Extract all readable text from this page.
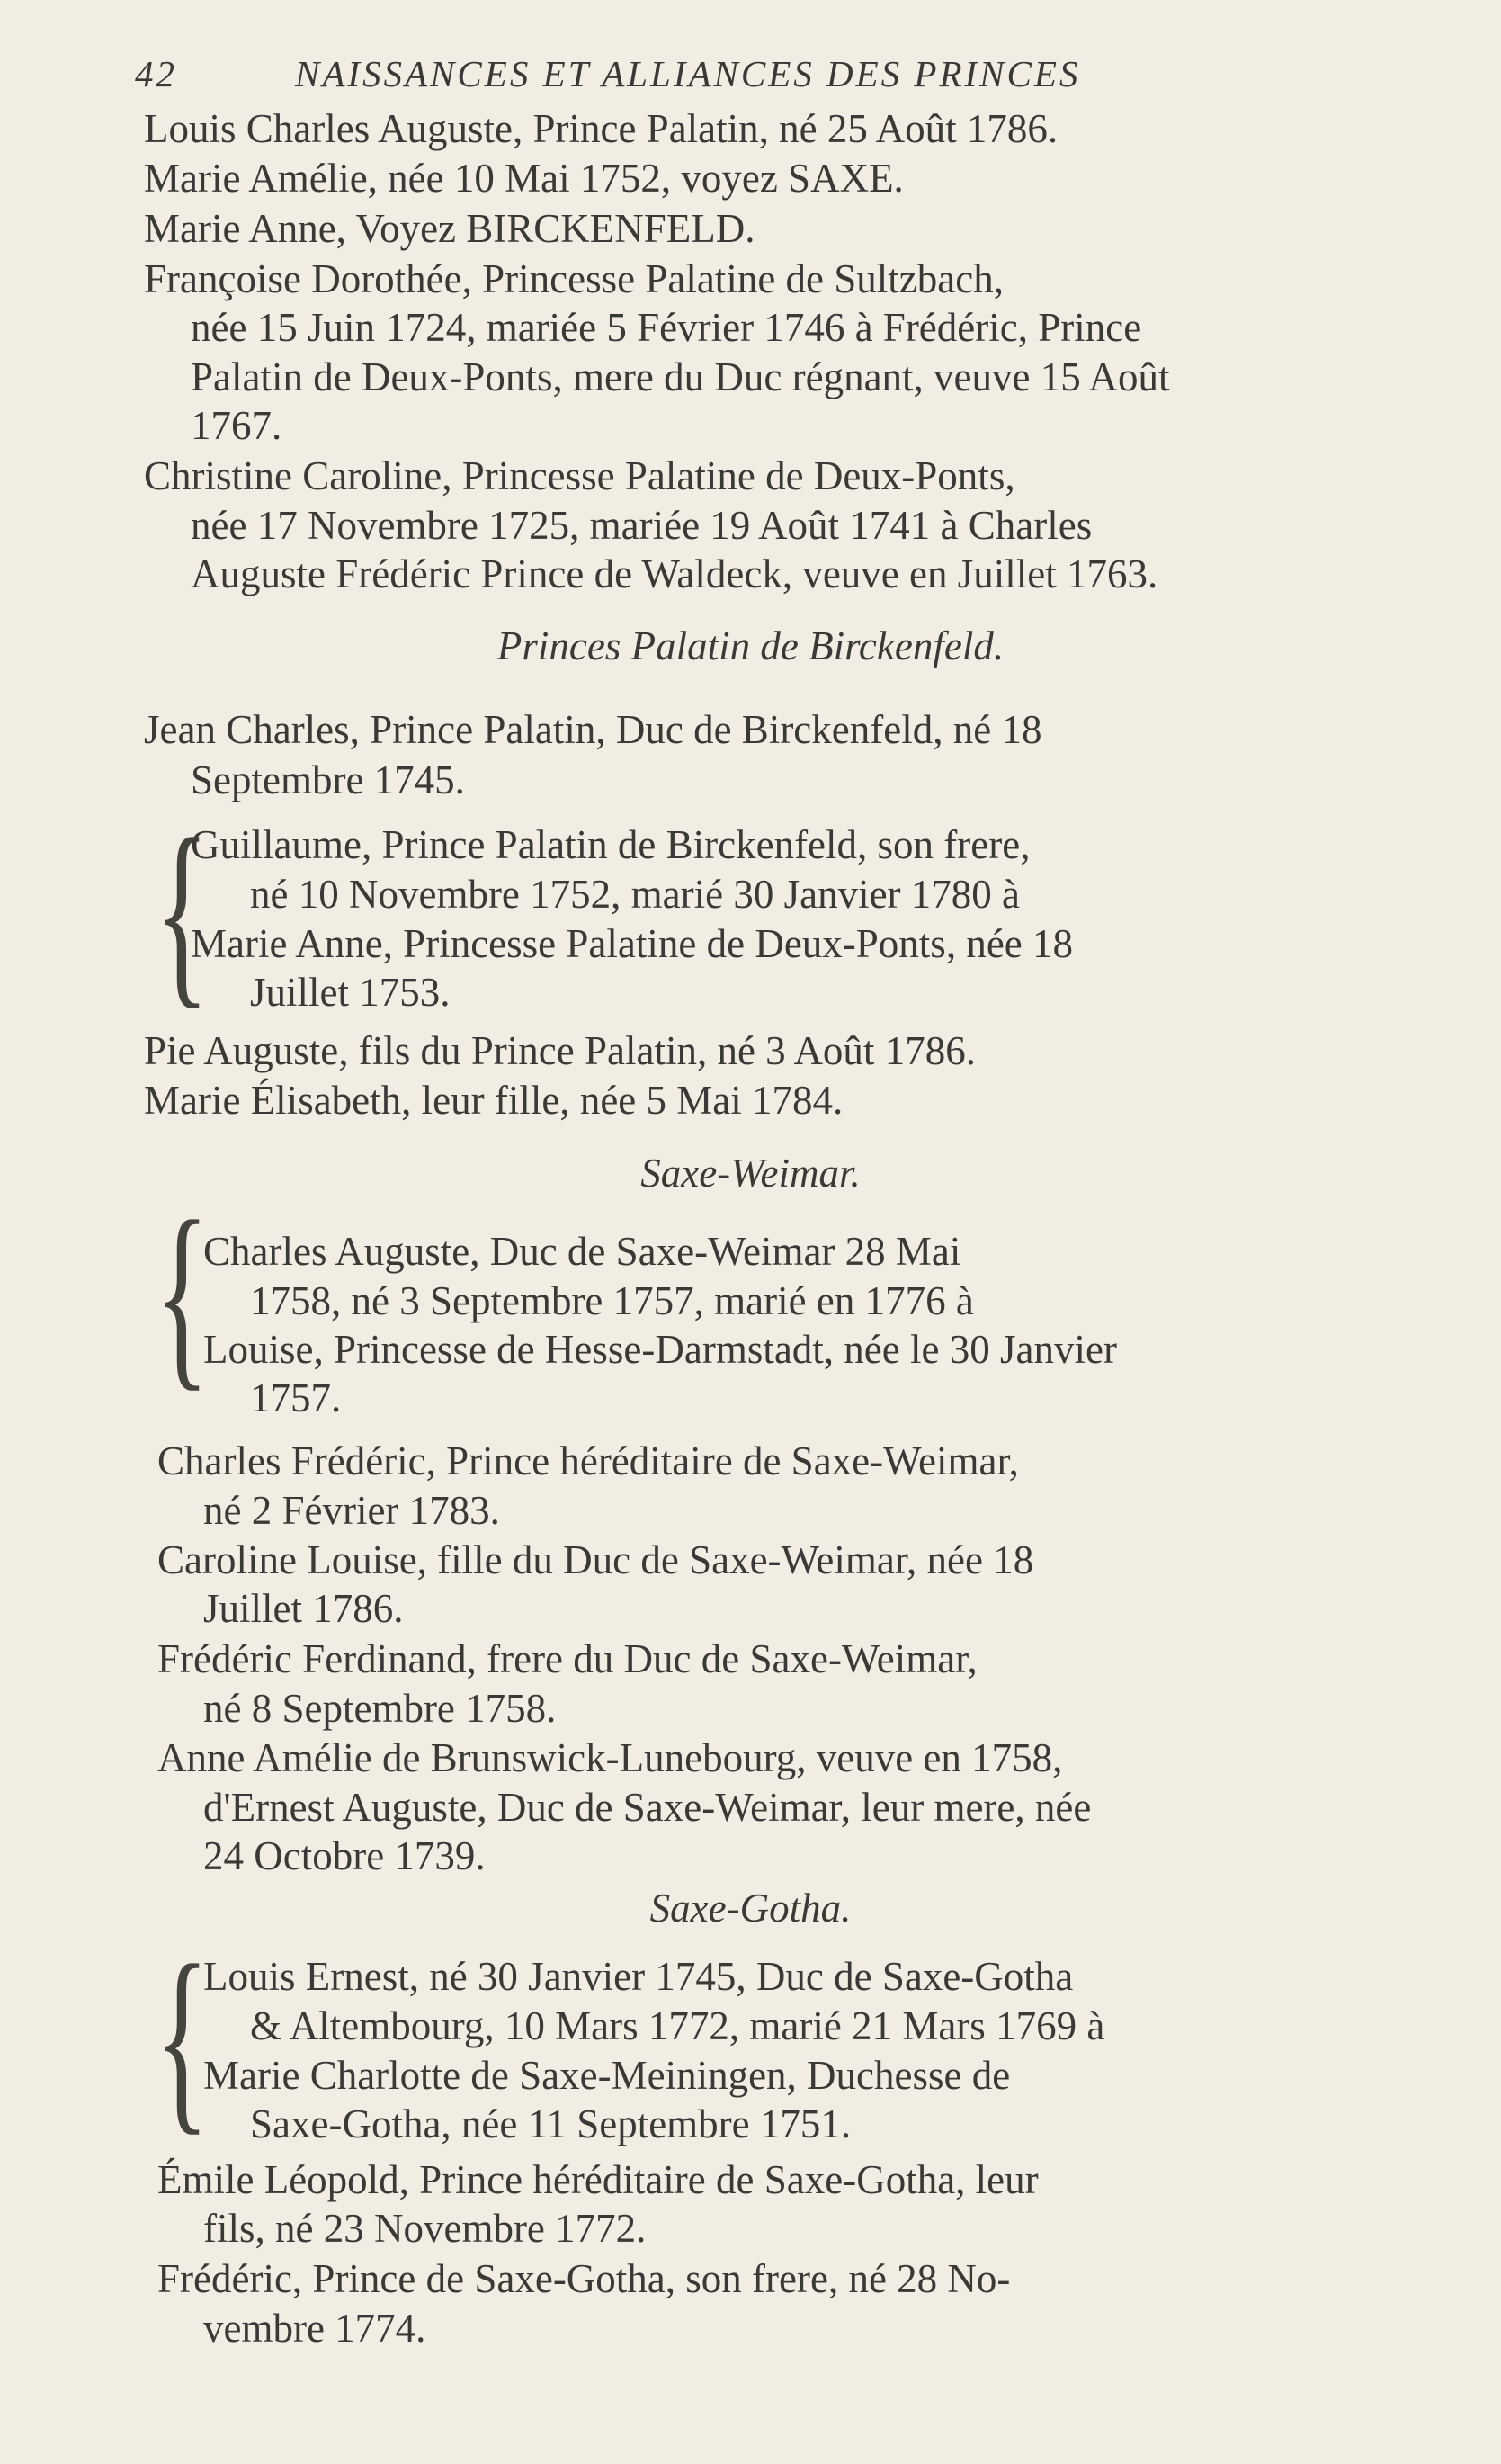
42	NAISSANCES ET ALLIANCES DES PRINCES
{
{
{
Louis Charles Auguste, Prince Palatin, né 25 Août 1786.
Marie Amélie, née 10 Mai 1752, voyez SAXE.
Marie Anne, Voyez BIRCKENFELD.
Françoise Dorothée, Princesse Palatine de Sultzbach,
née 15 Juin 1724, mariée 5 Février 1746 à Frédéric, Prince
Palatin de Deux-Ponts, mere du Duc régnant, veuve 15 Août
1767.
Christine Caroline, Princesse Palatine de Deux-Ponts,
née 17 Novembre 1725, mariée 19 Août 1741 à Charles
Auguste Frédéric Prince de Waldeck, veuve en Juillet 1763.
Princes Palatin de Birckenfeld.
Jean Charles, Prince Palatin, Duc de Birckenfeld, né 18
Septembre 1745.
Guillaume, Prince Palatin de Birckenfeld, son frere,
né 10 Novembre 1752, marié 30 Janvier 1780 à
Marie Anne, Princesse Palatine de Deux-Ponts, née 18
Juillet 1753.
Pie Auguste, fils du Prince Palatin, né 3 Août 1786.
Marie Élisabeth, leur fille, née 5 Mai 1784.
Saxe-Weimar.
Charles Auguste, Duc de Saxe-Weimar 28 Mai
1758, né 3 Septembre 1757, marié en 1776 à
Louise, Princesse de Hesse-Darmstadt, née le 30 Janvier
1757.
Charles Frédéric, Prince héréditaire de Saxe-Weimar,
né 2 Février 1783.
Caroline Louise, fille du Duc de Saxe-Weimar, née 18
Juillet 1786.
Frédéric Ferdinand, frere du Duc de Saxe-Weimar,
né 8 Septembre 1758.
Anne Amélie de Brunswick-Lunebourg, veuve en 1758,
d'Ernest Auguste, Duc de Saxe-Weimar, leur mere, née
24 Octobre 1739.
Saxe-Gotha.
Louis Ernest, né 30 Janvier 1745, Duc de Saxe-Gotha
& Altembourg, 10 Mars 1772, marié 21 Mars 1769 à
Marie Charlotte de Saxe-Meiningen, Duchesse de
Saxe-Gotha, née 11 Septembre 1751.
Émile Léopold, Prince héréditaire de Saxe-Gotha, leur
fils, né 23 Novembre 1772.
Frédéric, Prince de Saxe-Gotha, son frere, né 28 No-
vembre 1774.
